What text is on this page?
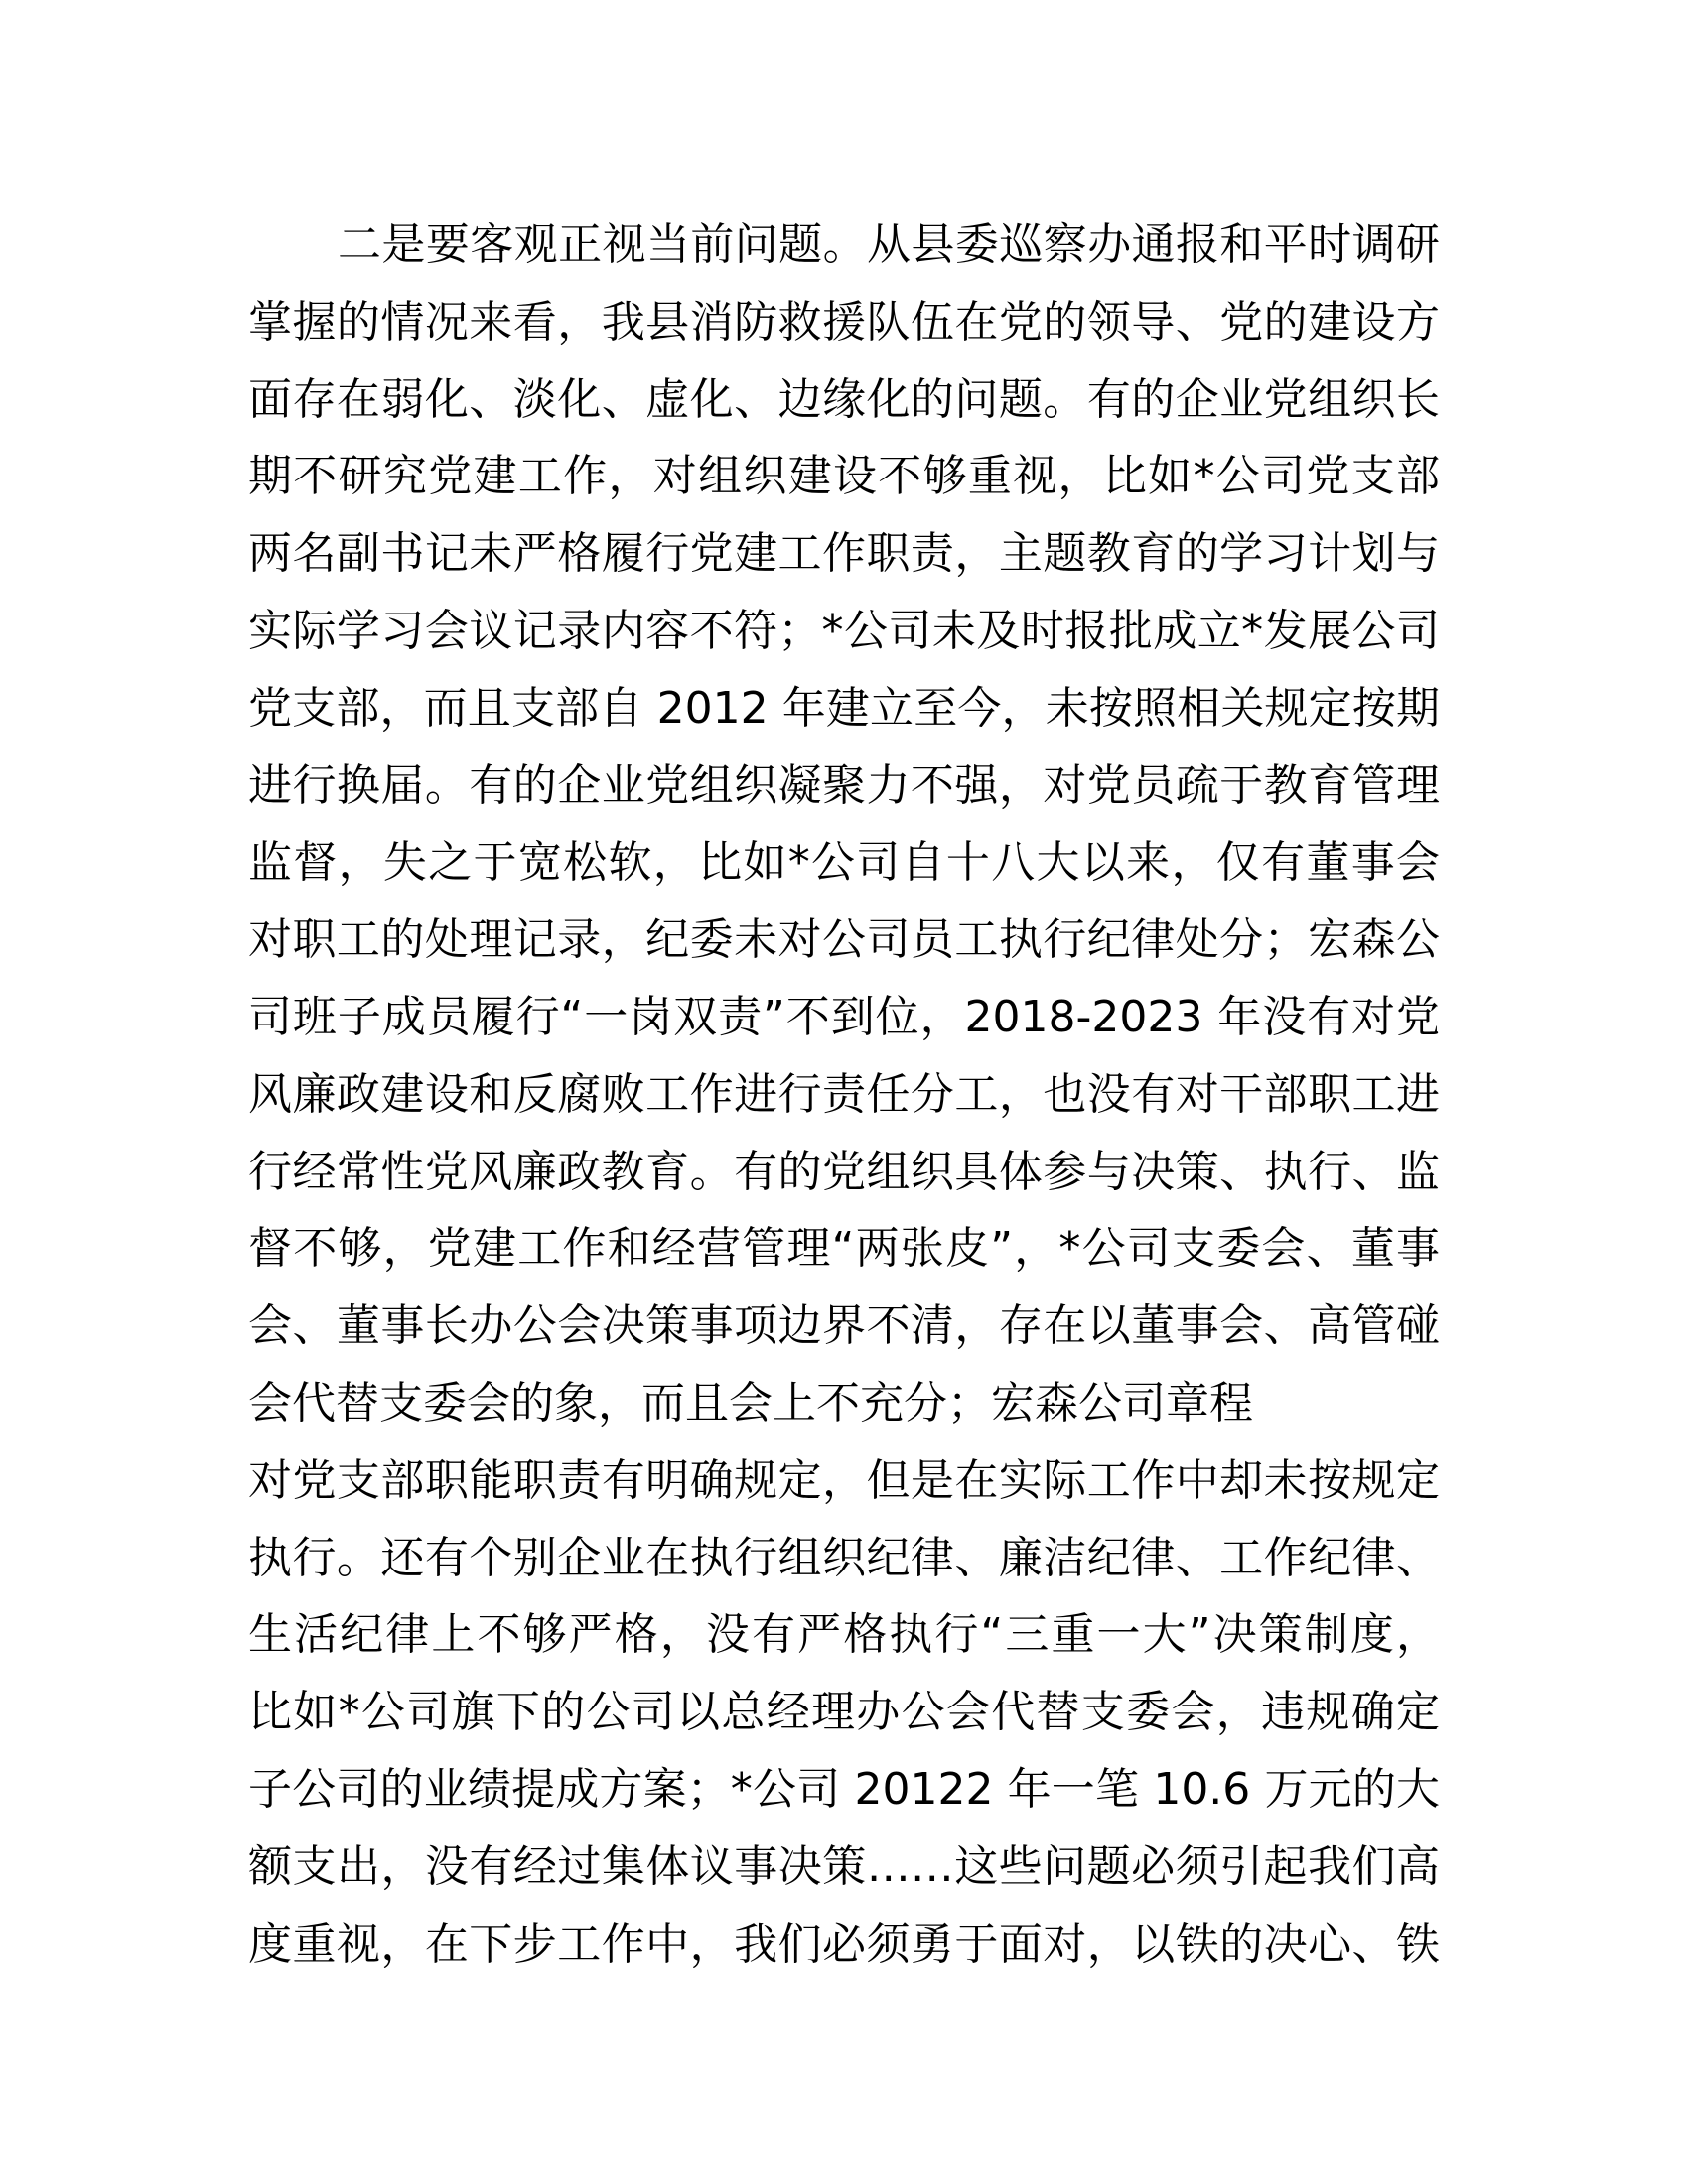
二是要客观正视当前问题。从县委巡察办通报和平时调研
掌握的情况来看，我县消防救援队伍在党的领导、党的建设方
面存在弱化、淡化、虚化、边缘化的问题。有的企业党组织长
期不研究党建工作，对组织建设不够重视，比如*公司党支部
两名副书记未严格履行党建工作职责，主题教育的学习计划与
实际学习会议记录内容不符；*公司未及时报批成立*发展公司
党支部，而且支部自 2012 年建立至今，未按照相关规定按期
进行换届。有的企业党组织凝聚力不强，对党员疏于教育管理
监督，失之于宽松软，比如*公司自十八大以来，仅有董事会
对职工的处理记录，纪委未对公司员工执行纪律处分；宏森公
司班子成员履行“一岗双责”不到位，2018-2023 年没有对党
风廉政建设和反腐败工作进行责任分工，也没有对干部职工进
行经常性党风廉政教育。有的党组织具体参与决策、执行、监
督不够，党建工作和经营管理“两张皮”，*公司支委会、董事
会、董事长办公会决策事项边界不清，存在以董事会、高管碰
会代替支委会的象，而且会上不充分；宏森公司章程
对党支部职能职责有明确规定，但是在实际工作中却未按规定
执行。还有个别企业在执行组织纪律、廉洁纪律、工作纪律、
生活纪律上不够严格，没有严格执行“三重一大”决策制度，
比如*公司旗下的公司以总经理办公会代替支委会，违规确定
子公司的业绩提成方案；*公司 20122 年一笔 10.6 万元的大
额支出，没有经过集体议事决策……这些问题必须引起我们高
度重视，在下步工作中，我们必须勇于面对，以铁的决心、铁
